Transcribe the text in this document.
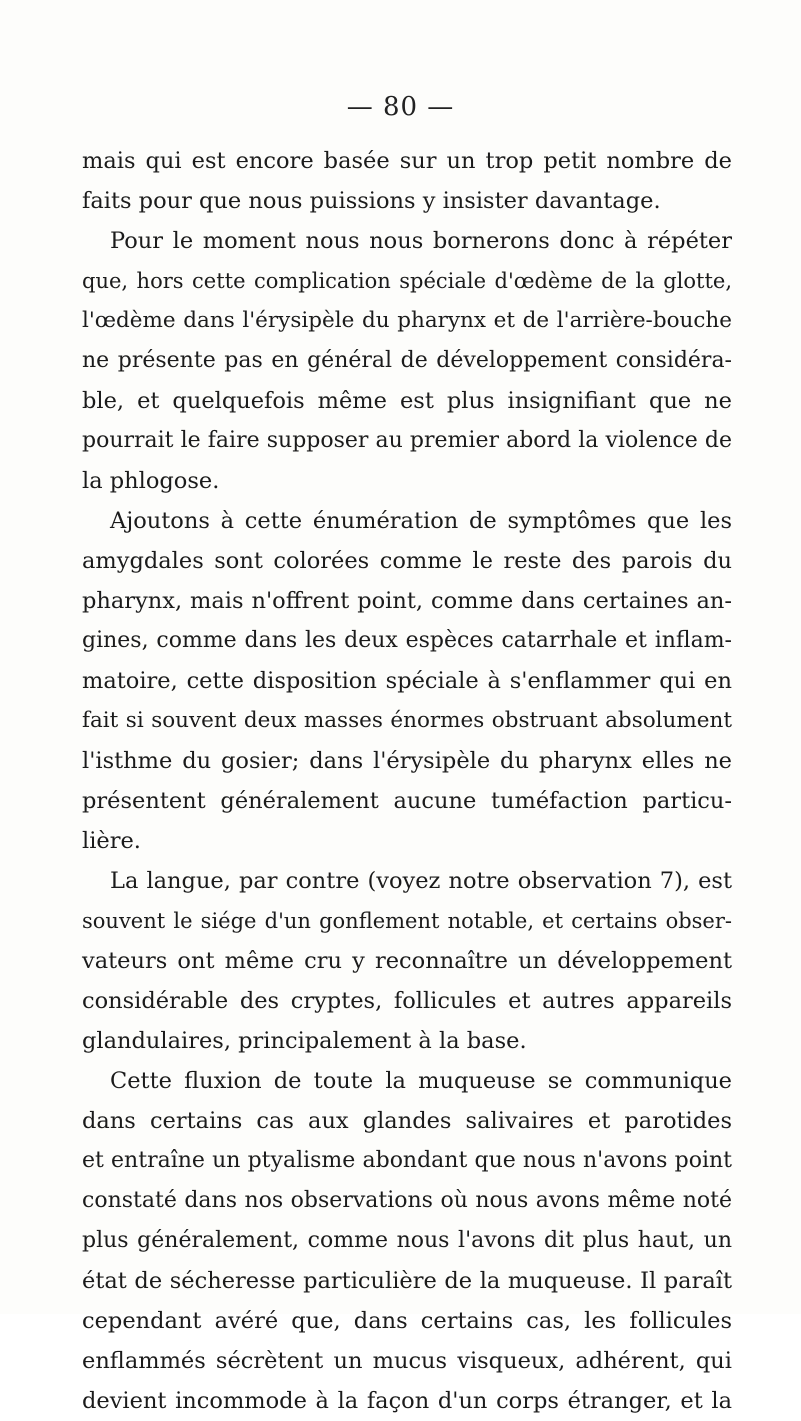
— 80 —
mais qui est encore basée sur un trop petit nombre de
faits pour que nous puissions y insister davantage.
Pour le moment nous nous bornerons donc à répéter
que, hors cette complication spéciale d'œdème de la glotte,
l'œdème dans l'érysipèle du pharynx et de l'arrière-bouche
ne présente pas en général de développement considéra-
ble, et quelquefois même est plus insignifiant que ne
pourrait le faire supposer au premier abord la violence de
la phlogose.
Ajoutons à cette énumération de symptômes que les
amygdales sont colorées comme le reste des parois du
pharynx, mais n'offrent point, comme dans certaines an-
gines, comme dans les deux espèces catarrhale et inflam-
matoire, cette disposition spéciale à s'enflammer qui en
fait si souvent deux masses énormes obstruant absolument
l'isthme du gosier; dans l'érysipèle du pharynx elles ne
présentent généralement aucune tuméfaction particu-
lière.
La langue, par contre (voyez notre observation 7), est
souvent le siége d'un gonflement notable, et certains obser-
vateurs ont même cru y reconnaître un développement
considérable des cryptes, follicules et autres appareils
glandulaires, principalement à la base.
Cette fluxion de toute la muqueuse se communique
dans certains cas aux glandes salivaires et parotides
et entraîne un ptyalisme abondant que nous n'avons point
constaté dans nos observations où nous avons même noté
plus généralement, comme nous l'avons dit plus haut, un
état de sécheresse particulière de la muqueuse. Il paraît
cependant avéré que, dans certains cas, les follicules
enflammés sécrètent un mucus visqueux, adhérent, qui
devient incommode à la façon d'un corps étranger, et la
